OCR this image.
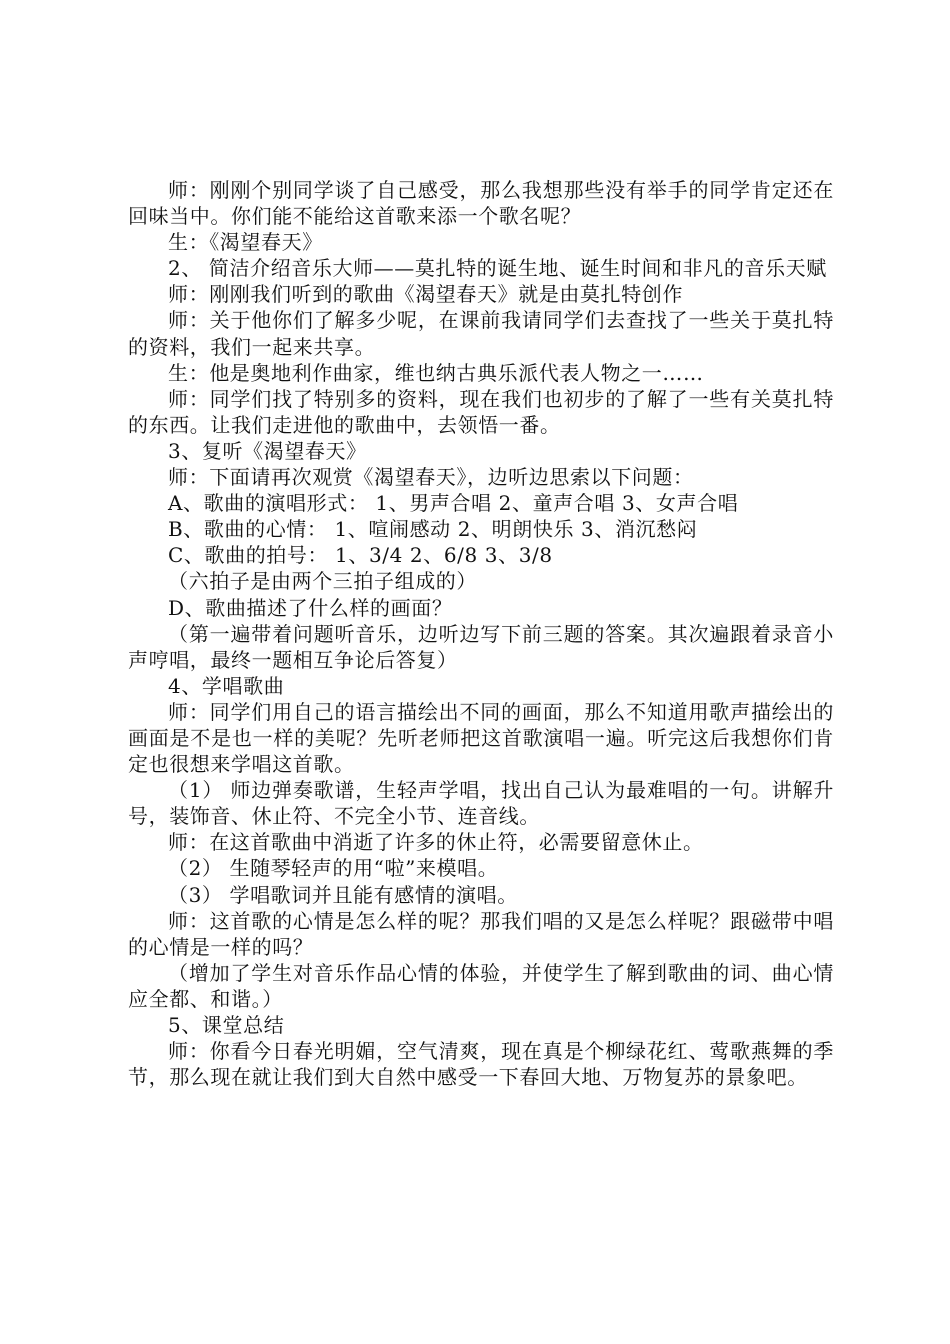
师：刚刚个别同学谈了自己感受，那么我想那些没有举手的同学肯定还在回味当中。你们能不能给这首歌来添一个歌名呢？

生：《渴望春天》

2、 简洁介绍音乐大师——莫扎特的诞生地、诞生时间和非凡的音乐天赋

师：刚刚我们听到的歌曲《渴望春天》就是由莫扎特创作

师：关于他你们了解多少呢，在课前我请同学们去查找了一些关于莫扎特的资料，我们一起来共享。

生：他是奥地利作曲家，维也纳古典乐派代表人物之一……

师：同学们找了特别多的资料，现在我们也初步的了解了一些有关莫扎特的东西。让我们走进他的歌曲中，去领悟一番。

3、复听《渴望春天》

师：下面请再次观赏《渴望春天》，边听边思索以下问题：

A、歌曲的演唱形式： 1、男声合唱 2、童声合唱 3、女声合唱

B、歌曲的心情： 1、喧闹感动 2、明朗快乐 3、消沉愁闷

C、歌曲的拍号： 1、3/4 2、6/8 3、3/8

（六拍子是由两个三拍子组成的）

D、歌曲描述了什么样的画面？

（第一遍带着问题听音乐，边听边写下前三题的答案。其次遍跟着录音小声哼唱，最终一题相互争论后答复）

4、学唱歌曲

师：同学们用自己的语言描绘出不同的画面，那么不知道用歌声描绘出的画面是不是也一样的美呢？先听老师把这首歌演唱一遍。听完这后我想你们肯定也很想来学唱这首歌。

（1） 师边弹奏歌谱，生轻声学唱，找出自己认为最难唱的一句。讲解升号，装饰音、休止符、不完全小节、连音线。

师：在这首歌曲中消逝了许多的休止符，必需要留意休止。

（2） 生随琴轻声的用“啦”来模唱。

（3） 学唱歌词并且能有感情的演唱。

师：这首歌的心情是怎么样的呢？那我们唱的又是怎么样呢？跟磁带中唱的心情是一样的吗？

（增加了学生对音乐作品心情的体验，并使学生了解到歌曲的词、曲心情应全都、和谐。）

5、课堂总结

师：你看今日春光明媚，空气清爽，现在真是个柳绿花红、莺歌燕舞的季节，那么现在就让我们到大自然中感受一下春回大地、万物复苏的景象吧。
